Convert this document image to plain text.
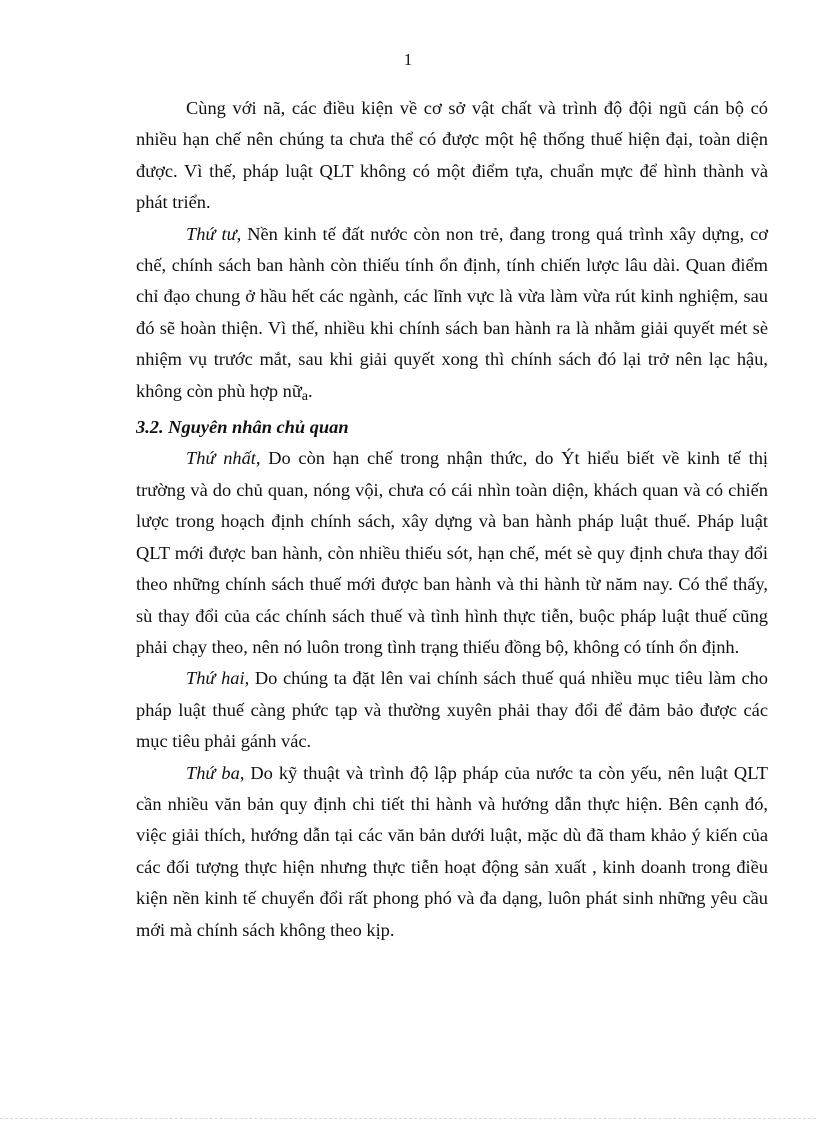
1

Cùng với nã, các điều kiện về cơ sở vật chất và trình độ đội ngũ cán bộ có nhiều hạn chế nên chúng ta chưa thể có được một hệ thống thuế hiện đại, toàn diện được. Vì thế, pháp luật QLT không có một điểm tựa, chuẩn mực để hình thành và phát triển.

Thứ tư, Nền kinh tế đất nước còn non trẻ, đang trong quá trình xây dựng, cơ chế, chính sách ban hành còn thiếu tính ổn định, tính chiến lược lâu dài. Quan điểm chỉ đạo chung ở hầu hết các ngành, các lĩnh vực là vừa làm vừa rút kinh nghiệm, sau đó sẽ hoàn thiện. Vì thế, nhiều khi chính sách ban hành ra là nhằm giải quyết mét sè nhiệm vụ trước mắt, sau khi giải quyết xong thì chính sách đó lại trở nên lạc hậu, không còn phù hợp nữ$_a$.

3.2. Nguyên nhân chủ quan

Thứ nhất, Do còn hạn chế trong nhận thức, do Ýt hiểu biết về kinh tế thị trường và do chủ quan, nóng vội, chưa có cái nhìn toàn diện, khách quan và có chiến lược trong hoạch định chính sách, xây dựng và ban hành pháp luật thuế. Pháp luật QLT mới được ban hành, còn nhiều thiếu sót, hạn chế, mét sè quy định chưa thay đổi theo những chính sách thuế mới được ban hành và thi hành từ năm nay. Có thể thấy, sù thay đổi của các chính sách thuế và tình hình thực tiễn, buộc pháp luật thuế cũng phải chạy theo, nên nó luôn trong tình trạng thiếu đồng bộ, không có tính ổn định.

Thứ hai, Do chúng ta đặt lên vai chính sách thuế quá nhiều mục tiêu làm cho pháp luật thuế càng phức tạp và thường xuyên phải thay đổi để đảm bảo được các mục tiêu phải gánh vác.

Thứ ba, Do kỹ thuật và trình độ lập pháp của nước ta còn yếu, nên luật QLT cần nhiều văn bản quy định chi tiết thi hành và hướng dẫn thực hiện. Bên cạnh đó, việc giải thích, hướng dẫn tại các văn bản dưới luật, mặc dù đã tham khảo ý kiến của các đối tượng thực hiện nhưng thực tiễn hoạt động sản xuất , kinh doanh trong điều kiện nền kinh tế chuyển đổi rất phong phó và đa dạng, luôn phát sinh những yêu cầu mới mà chính sách không theo kịp.
